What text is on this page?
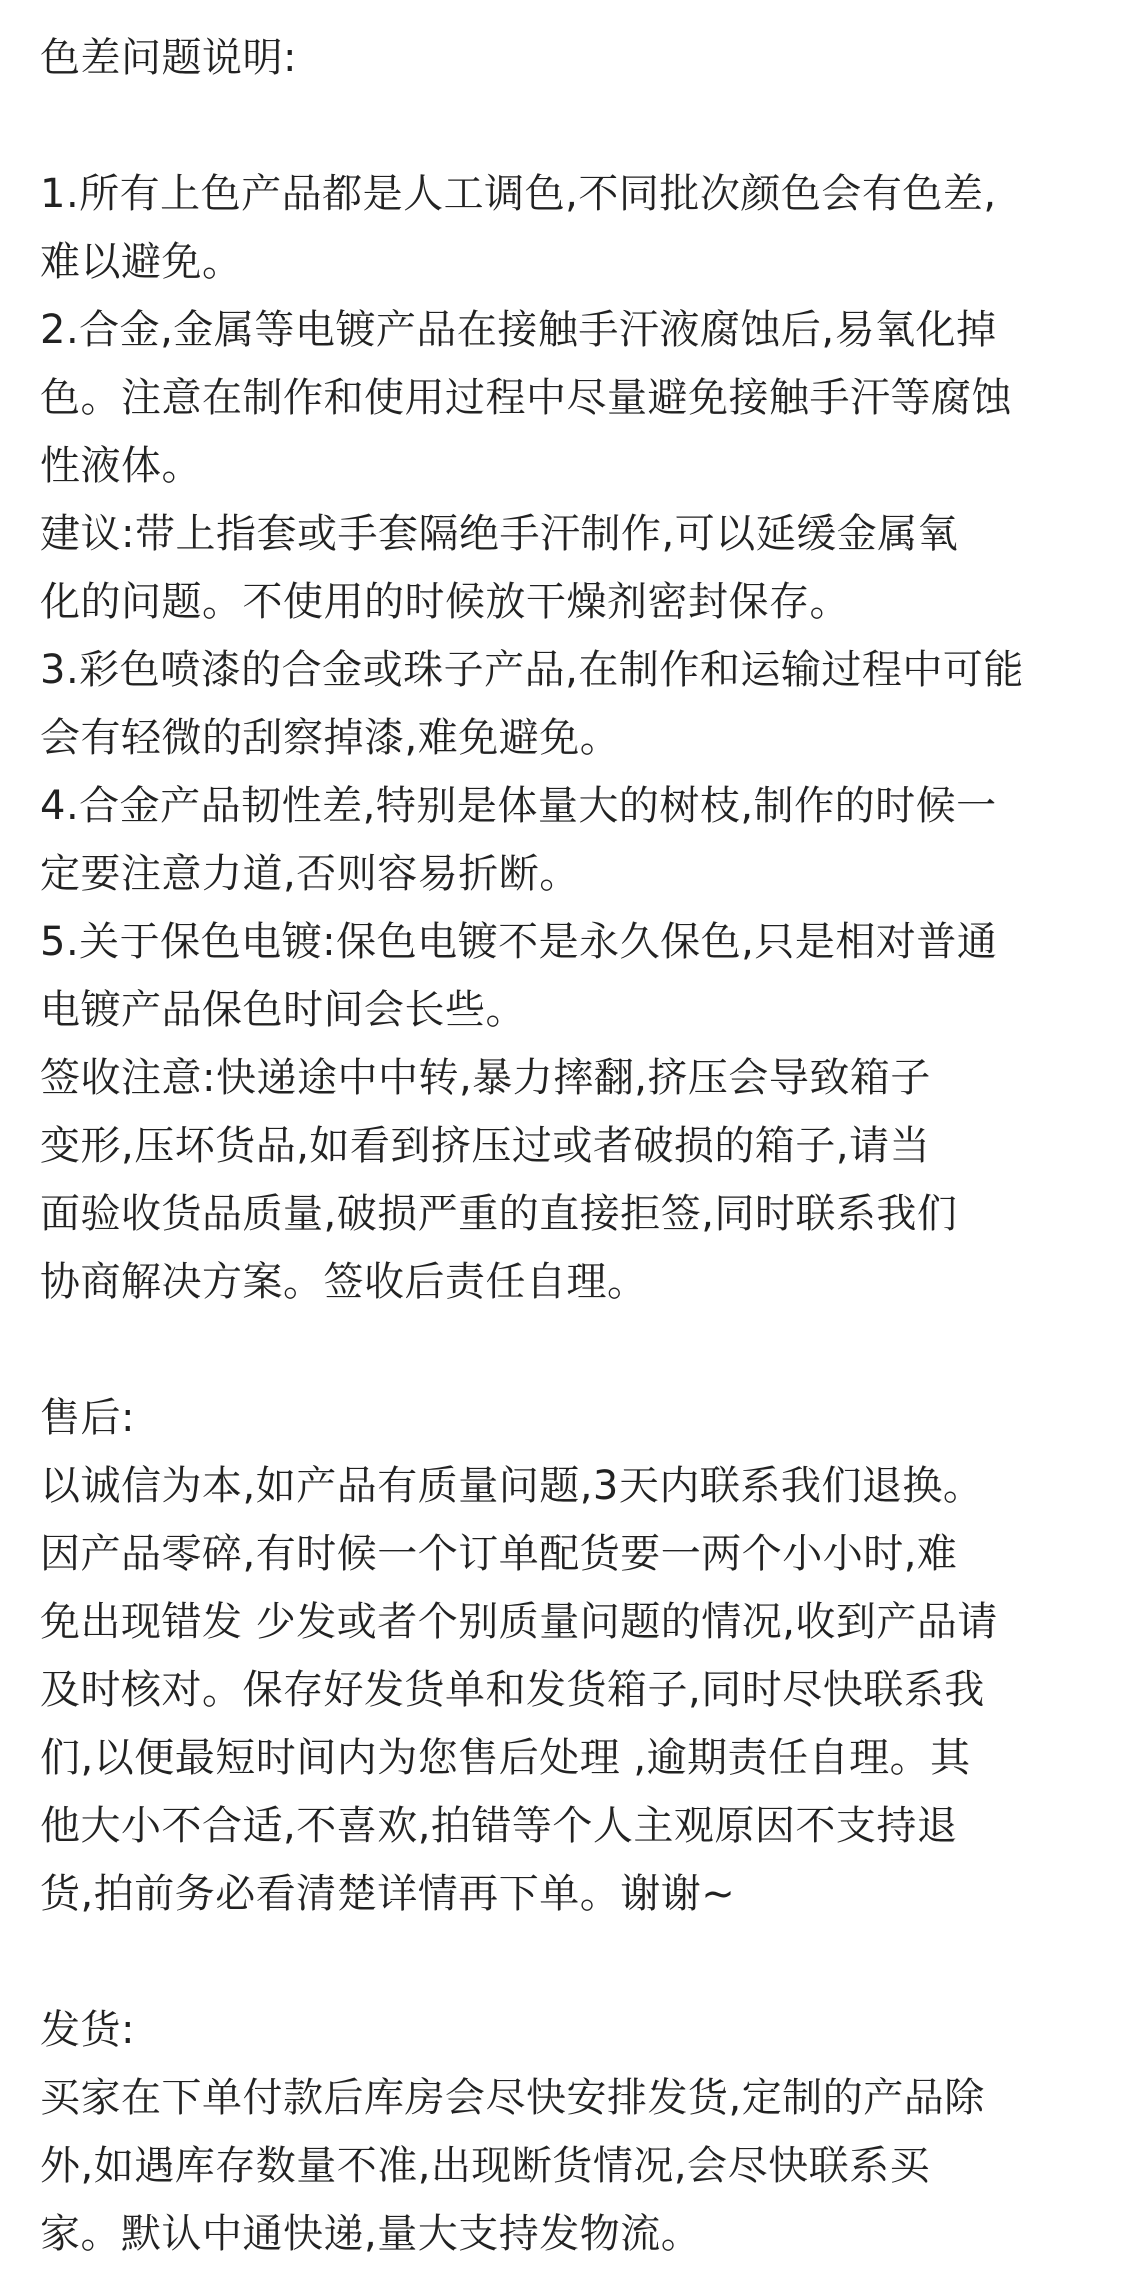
色差问题说明:
1.所有上色产品都是人工调色,不同批次颜色会有色差,
难以避免。
2.合金,金属等电镀产品在接触手汗液腐蚀后,易氧化掉
色。注意在制作和使用过程中尽量避免接触手汗等腐蚀
性液体。
建议:带上指套或手套隔绝手汗制作,可以延缓金属氧
化的问题。不使用的时候放干燥剂密封保存。
3.彩色喷漆的合金或珠子产品,在制作和运输过程中可能
会有轻微的刮察掉漆,难免避免。
4.合金产品韧性差,特别是体量大的树枝,制作的时候一
定要注意力道,否则容易折断。
5.关于保色电镀:保色电镀不是永久保色,只是相对普通
电镀产品保色时间会长些。
签收注意:快递途中中转,暴力摔翻,挤压会导致箱子
变形,压坏货品,如看到挤压过或者破损的箱子,请当
面验收货品质量,破损严重的直接拒签,同时联系我们
协商解决方案。签收后责任自理。
售后:
以诚信为本,如产品有质量问题,3天内联系我们退换。
因产品零碎,有时候一个订单配货要一两个小小时,难
免出现错发 少发或者个别质量问题的情况,收到产品请
及时核对。保存好发货单和发货箱子,同时尽快联系我
们,以便最短时间内为您售后处理 ,逾期责任自理。其
他大小不合适,不喜欢,拍错等个人主观原因不支持退
货,拍前务必看清楚详情再下单。谢谢~
发货:
买家在下单付款后库房会尽快安排发货,定制的产品除
外,如遇库存数量不准,出现断货情况,会尽快联系买
家。默认中通快递,量大支持发物流。
